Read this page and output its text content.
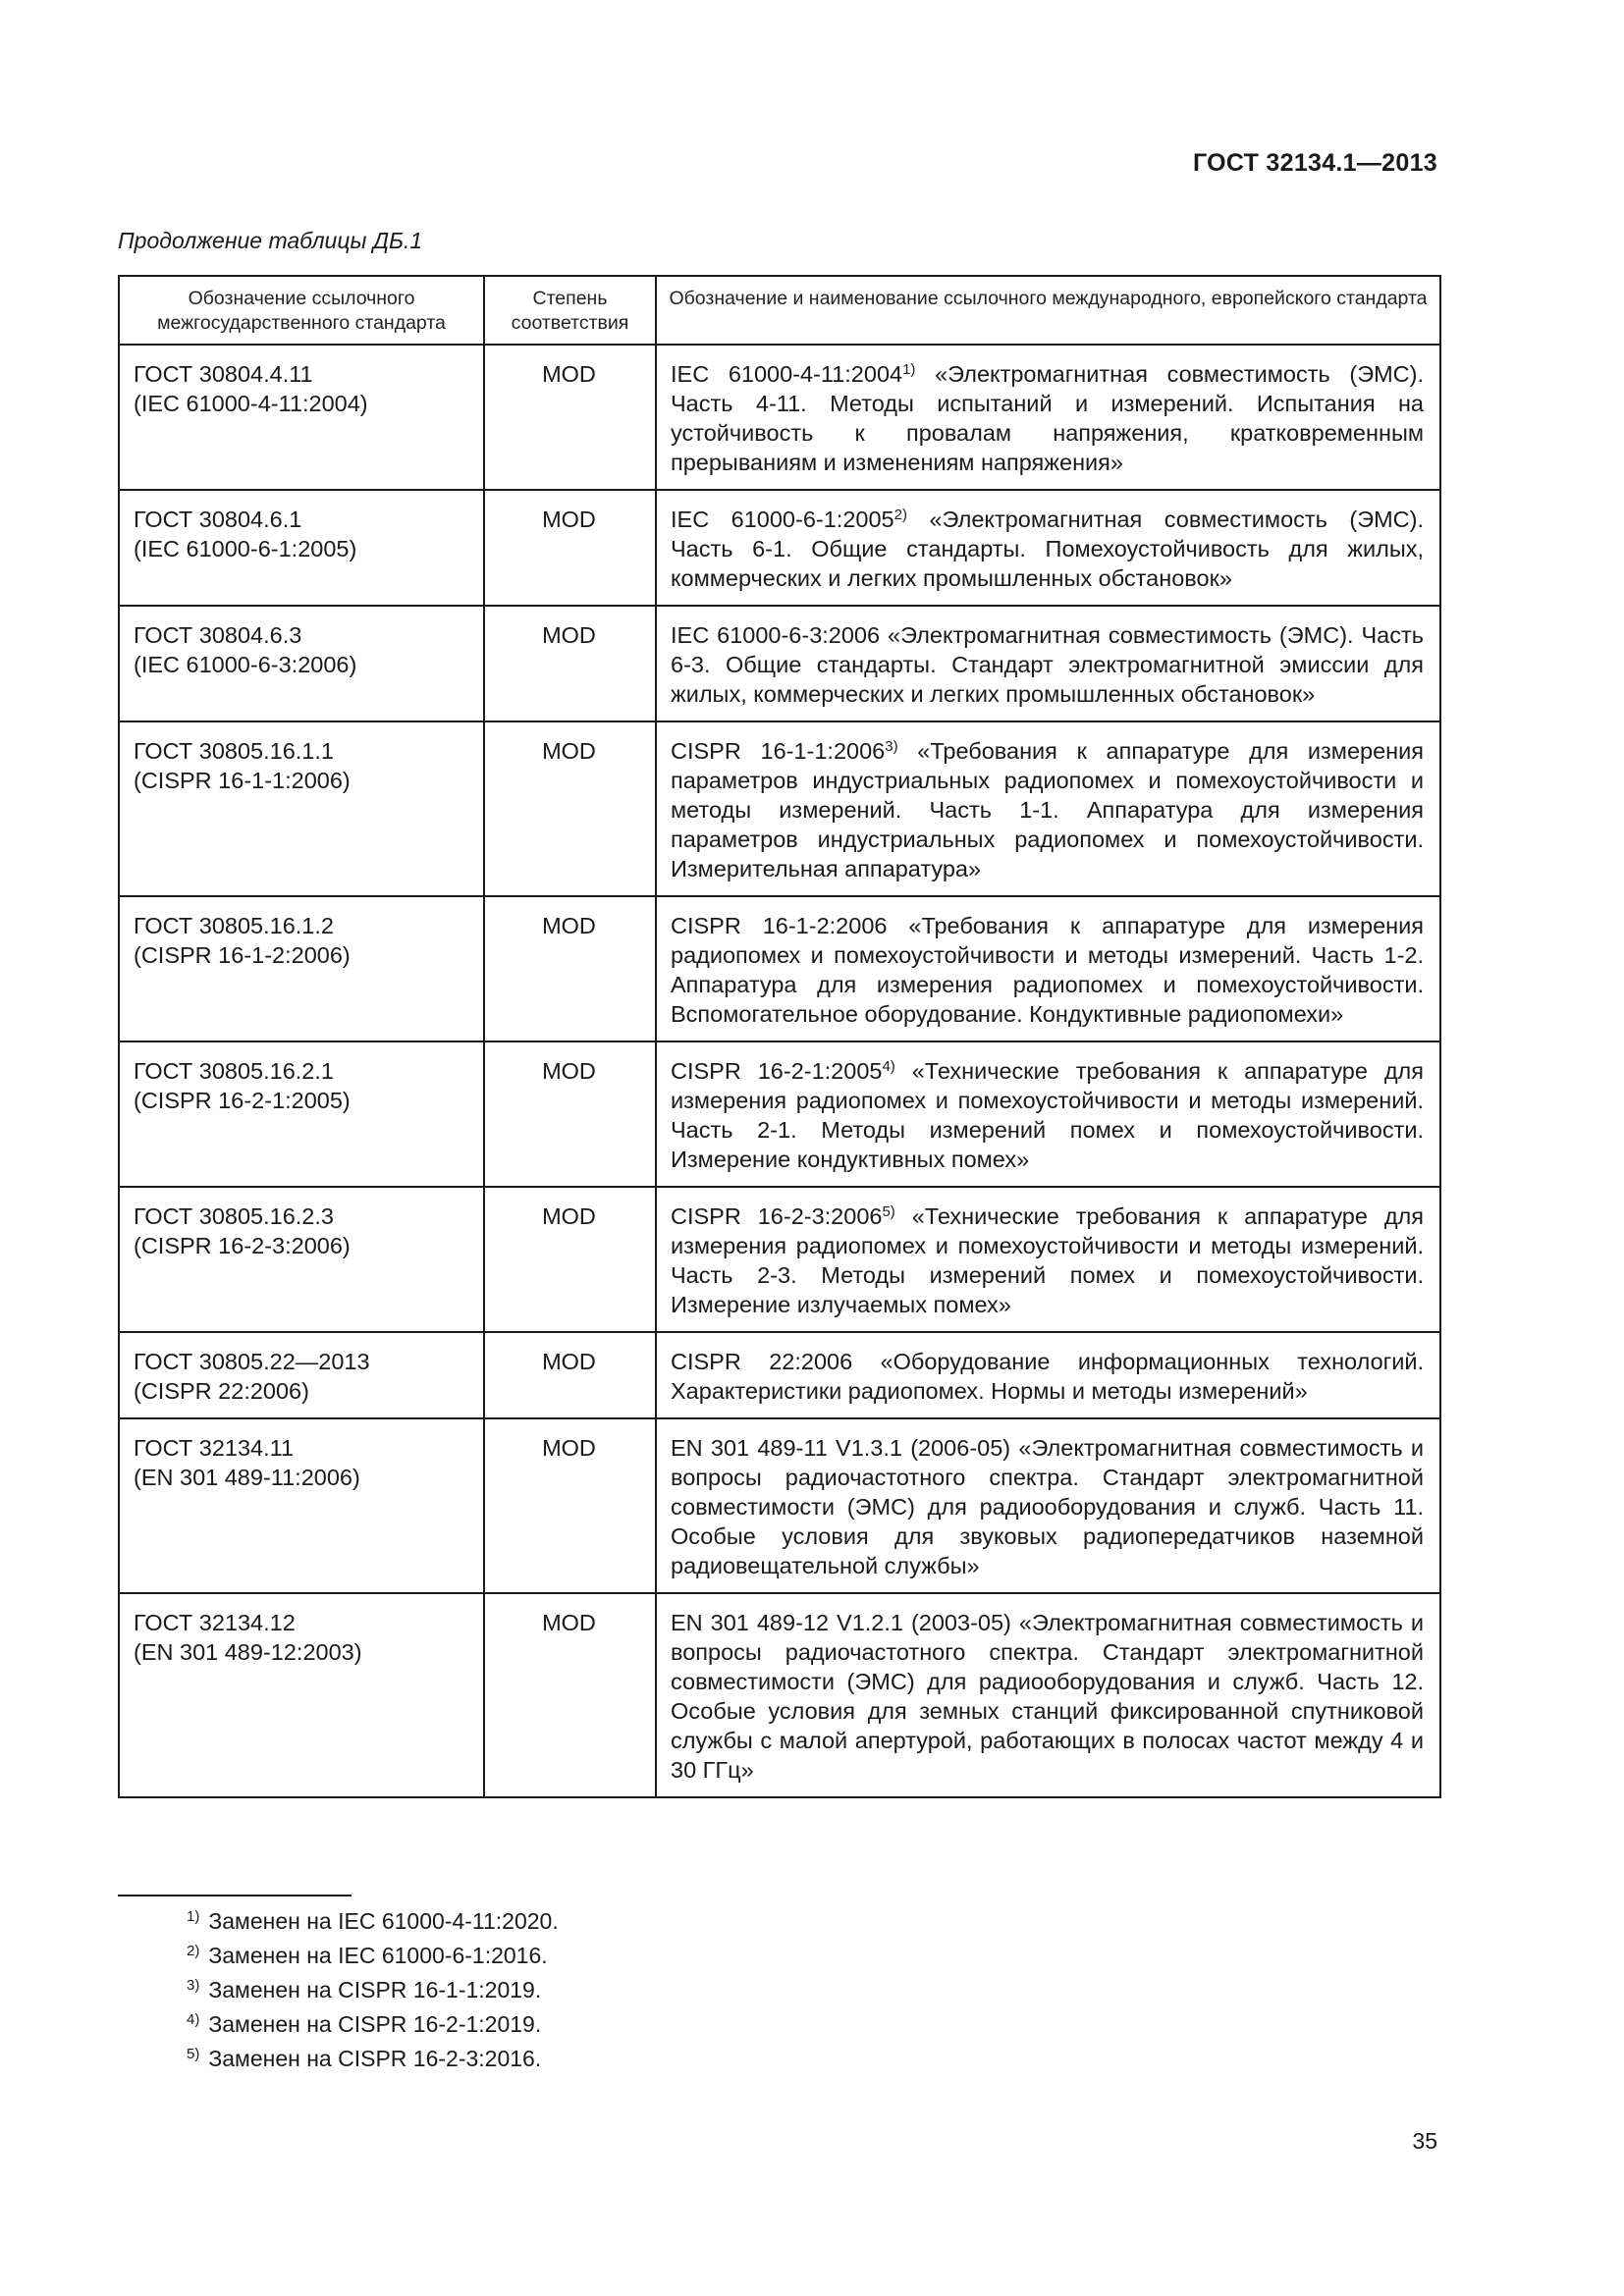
ГОСТ 32134.1—2013
Продолжение таблицы ДБ.1
Обозначение ссылочного межгосударственного стандарта	Степень соответствия	Обозначение и наименование ссылочного международного, европейского стандарта
ГОСТ 30804.4.11
(IEC 61000-4-11:2004)	MOD	IEC 61000-4-11:2004$^{1)}$ «Электромагнитная совместимость (ЭМС). Часть 4-11. Методы испытаний и измерений. Испытания на устойчивость к провалам напряжения, кратковременным прерываниям и изменениям напряжения»
ГОСТ 30804.6.1
(IEC 61000-6-1:2005)	MOD	IEC 61000-6-1:2005$^{2)}$ «Электромагнитная совместимость (ЭМС). Часть 6-1. Общие стандарты. Помехоустойчивость для жилых, коммерческих и легких промышленных обстановок»
ГОСТ 30804.6.3
(IEC 61000-6-3:2006)	MOD	IEC 61000-6-3:2006 «Электромагнитная совместимость (ЭМС). Часть 6-3. Общие стандарты. Стандарт электромагнитной эмиссии для жилых, коммерческих и легких промышленных обстановок»
ГОСТ 30805.16.1.1
(CISPR 16-1-1:2006)	MOD	CISPR 16-1-1:2006$^{3)}$ «Требования к аппаратуре для измерения параметров индустриальных радиопомех и помехоустойчивости и методы измерений. Часть 1-1. Аппаратура для измерения параметров индустриальных радиопомех и помехоустойчивости. Измерительная аппаратура»
ГОСТ 30805.16.1.2
(CISPR 16-1-2:2006)	MOD	CISPR 16-1-2:2006 «Требования к аппаратуре для измерения радиопомех и помехоустойчивости и методы измерений. Часть 1-2. Аппаратура для измерения радиопомех и помехоустойчивости. Вспомогательное оборудование. Кондуктивные радиопомехи»
ГОСТ 30805.16.2.1
(CISPR 16-2-1:2005)	MOD	CISPR 16-2-1:2005$^{4)}$ «Технические требования к аппаратуре для измерения радиопомех и помехоустойчивости и методы измерений. Часть 2-1. Методы измерений помех и помехоустойчивости. Измерение кондуктивных помех»
ГОСТ 30805.16.2.3
(CISPR 16-2-3:2006)	MOD	CISPR 16-2-3:2006$^{5)}$ «Технические требования к аппаратуре для измерения радиопомех и помехоустойчивости и методы измерений. Часть 2-3. Методы измерений помех и помехоустойчивости. Измерение излучаемых помех»
ГОСТ 30805.22—2013
(CISPR 22:2006)	MOD	CISPR 22:2006 «Оборудование информационных технологий. Характеристики радиопомех. Нормы и методы измерений»
ГОСТ 32134.11
(EN 301 489-11:2006)	MOD	EN 301 489-11 V1.3.1 (2006-05) «Электромагнитная совместимость и вопросы радиочастотного спектра. Стандарт электромагнитной совместимости (ЭМС) для радиооборудования и служб. Часть 11. Особые условия для звуковых радиопередатчиков наземной радиовещательной службы»
ГОСТ 32134.12
(EN 301 489-12:2003)	MOD	EN 301 489-12 V1.2.1 (2003-05) «Электромагнитная совместимость и вопросы радиочастотного спектра. Стандарт электромагнитной совместимости (ЭМС) для радиооборудования и служб. Часть 12. Особые условия для земных станций фиксированной спутниковой службы с малой апертурой, работающих в полосах частот между 4 и 30 ГГц»
$^{1)}$ Заменен на IEC 61000-4-11:2020.
$^{2)}$ Заменен на IEC 61000-6-1:2016.
$^{3)}$ Заменен на CISPR 16-1-1:2019.
$^{4)}$ Заменен на CISPR 16-2-1:2019.
$^{5)}$ Заменен на CISPR 16-2-3:2016.
35
